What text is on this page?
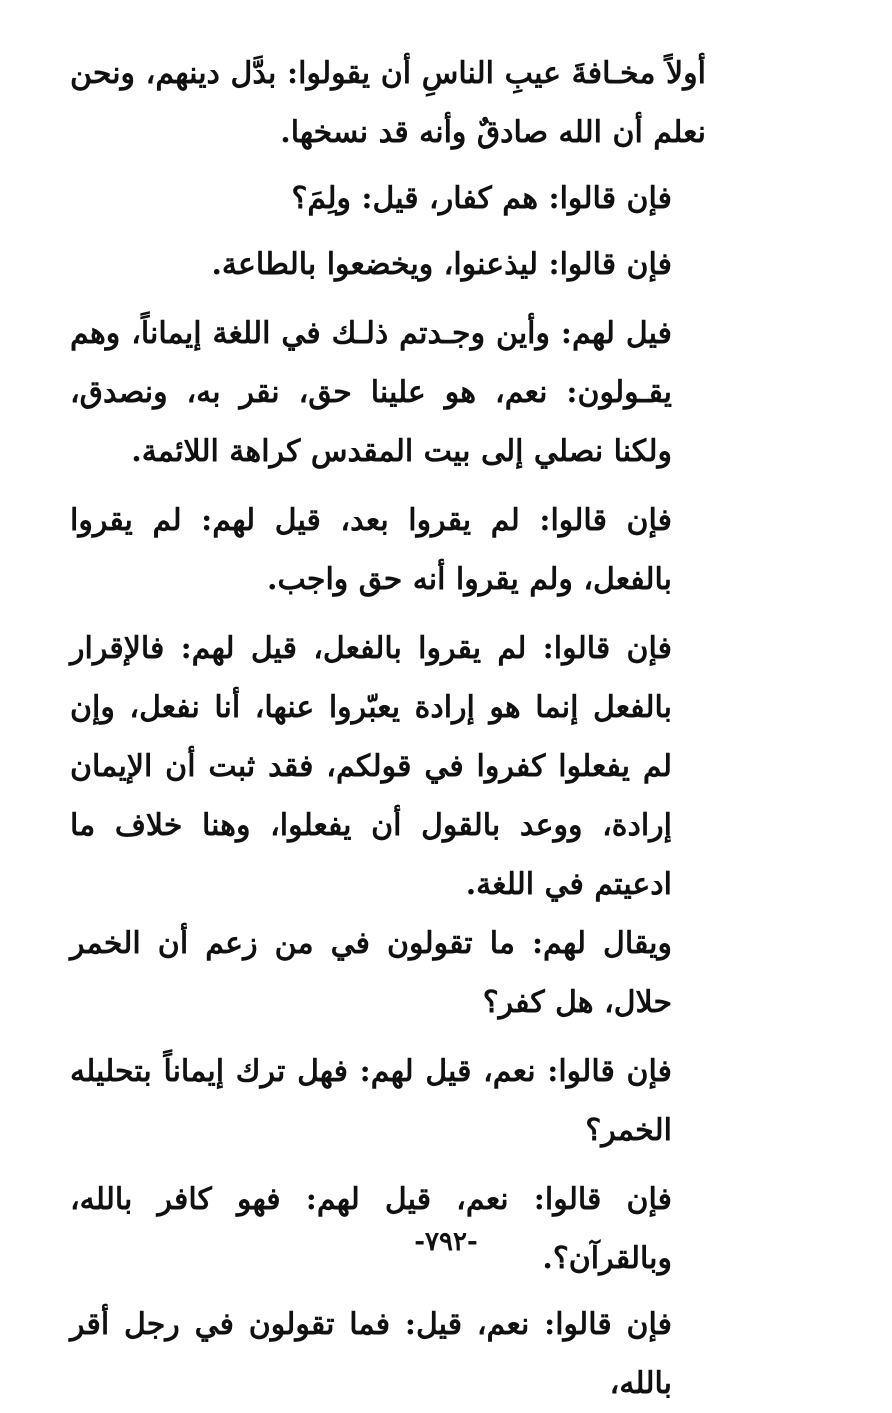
أولاً مخـافةَ عيبِ الناسِ أن يقولوا: بدَّل دينهم، ونحن نعلم أن الله صادقٌ وأنه قد نسخها.

فإن قالوا: هم كفار، قيل: ولِمَ؟

فإن قالوا: ليذعنوا، ويخضعوا بالطاعة.

فيل لهم: وأين وجـدتم ذلـك في اللغة إيماناً، وهم يقـولون: نعم، هو علينا حق، نقر به، ونصدق، ولكنا نصلي إلى بيت المقدس كراهة اللائمة.

فإن قالوا: لم يقروا بعد، قيل لهم: لم يقروا بالفعل، ولم يقروا أنه حق واجب.

فإن قالوا: لم يقروا بالفعل، قيل لهم: فالإقرار بالفعل إنما هو إرادة يعبّروا عنها، أنا نفعل، وإن لم يفعلوا كفروا في قولكم، فقد ثبت أن الإيمان إرادة، ووعد بالقول أن يفعلوا، وهنا خلاف ما ادعيتم في اللغة.

ويقال لهم: ما تقولون في من زعم أن الخمر حلال، هل كفر؟

فإن قالوا: نعم، قيل لهم: فهل ترك إيماناً بتحليله الخمر؟

فإن قالوا: نعم، قيل لهم: فهو كافر بالله، وبالقرآن؟.

فإن قالوا: نعم، قيل: فما تقولون في رجل أقر بالله،

-٧٩٢-
